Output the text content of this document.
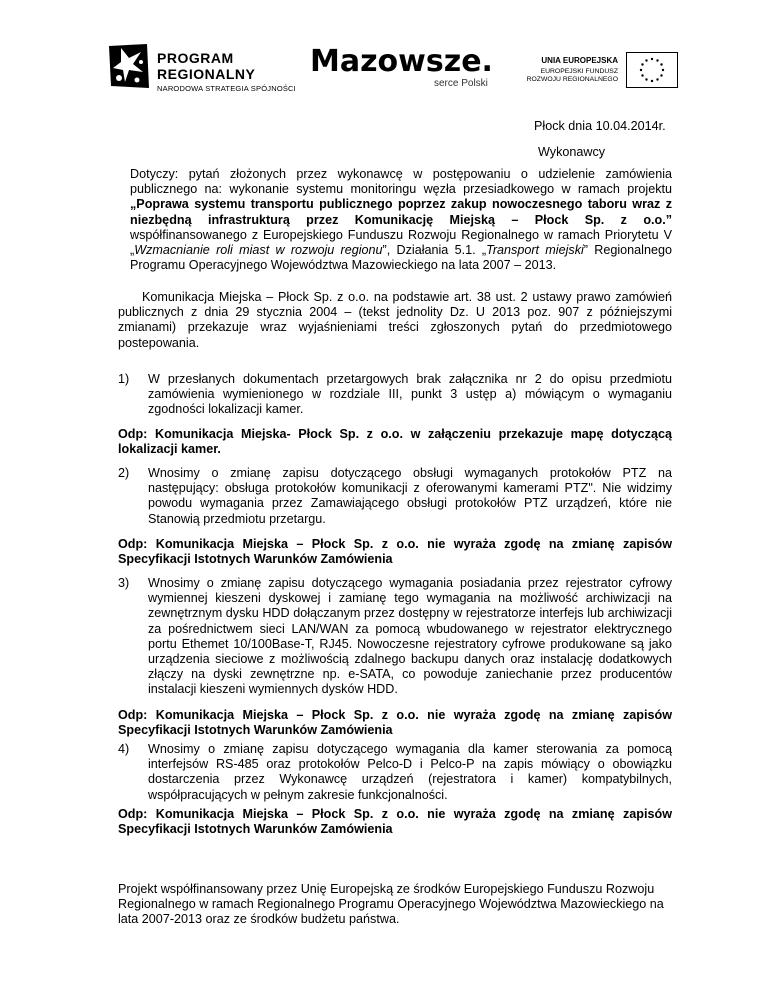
PROGRAM
REGIONALNY
NARODOWA STRATEGIA SPÓJNOŚCI
Mazowsze.
serce Polski
UNIA EUROPEJSKA
EUROPEJSKI FUNDUSZ
ROZWOJU REGIONALNEGO
Płock dnia 10.04.2014r.
Wykonawcy
Dotyczy: pytań złożonych przez wykonawcę w postępowaniu o udzielenie zamówienia publicznego na: wykonanie systemu monitoringu węzła przesiadkowego w ramach projektu „Poprawa systemu transportu publicznego poprzez zakup nowoczesnego taboru wraz z niezbędną infrastrukturą przez Komunikację Miejską – Płock Sp. z o.o.” współfinansowanego z Europejskiego Funduszu Rozwoju Regionalnego w ramach Priorytetu V „Wzmacnianie roli miast w rozwoju regionu”, Działania 5.1. „Transport miejski” Regionalnego Programu Operacyjnego Województwa Mazowieckiego na lata 2007 – 2013.
Komunikacja Miejska – Płock Sp. z o.o. na podstawie art. 38 ust. 2 ustawy prawo zamówień publicznych z dnia 29 stycznia 2004 – (tekst jednolity Dz. U 2013 poz. 907 z późniejszymi zmianami) przekazuje wraz wyjaśnieniami treści zgłoszonych pytań do przedmiotowego postepowania.
1) W przesłanych dokumentach przetargowych brak załącznika nr 2 do opisu przedmiotu zamówienia wymienionego w rozdziale III, punkt 3 ustęp a) mówiącym o wymaganiu zgodności lokalizacji kamer.
Odp: Komunikacja Miejska- Płock Sp. z o.o. w załączeniu przekazuje mapę dotyczącą lokalizacji kamer.
2) Wnosimy o zmianę zapisu dotyczącego obsługi wymaganych protokołów PTZ na następujący: obsługa protokołów komunikacji z oferowanymi kamerami PTZ". Nie widzimy powodu wymagania przez Zamawiającego obsługi protokołów PTZ urządzeń, które nie Stanowią przedmiotu przetargu.
Odp: Komunikacja Miejska – Płock Sp. z o.o. nie wyraża zgodę na zmianę zapisów Specyfikacji Istotnych Warunków Zamówienia
3) Wnosimy o zmianę zapisu dotyczącego wymagania posiadania przez rejestrator cyfrowy wymiennej kieszeni dyskowej i zamianę tego wymagania na możliwość archiwizacji na zewnętrznym dysku HDD dołączanym przez dostępny w rejestratorze interfejs lub archiwizacji za pośrednictwem sieci LAN/WAN za pomocą wbudowanego w rejestrator elektrycznego portu Ethemet 10/100Base-T, RJ45. Nowoczesne rejestratory cyfrowe produkowane są jako urządzenia sieciowe z możliwością zdalnego backupu danych oraz instalację dodatkowych złączy na dyski zewnętrzne np. e-SATA, co powoduje zaniechanie przez producentów instalacji kieszeni wymiennych dysków HDD.
Odp: Komunikacja Miejska – Płock Sp. z o.o. nie wyraża zgodę na zmianę zapisów Specyfikacji Istotnych Warunków Zamówienia
4) Wnosimy o zmianę zapisu dotyczącego wymagania dla kamer sterowania za pomocą interfejsów RS-485 oraz protokołów Pelco-D i Pelco-P na zapis mówiący o obowiązku dostarczenia przez Wykonawcę urządzeń (rejestratora i kamer) kompatybilnych, współpracujących w pełnym zakresie funkcjonalności.
Odp: Komunikacja Miejska – Płock Sp. z o.o. nie wyraża zgodę na zmianę zapisów Specyfikacji Istotnych Warunków Zamówienia
Projekt współfinansowany przez Unię Europejską ze środków Europejskiego Funduszu Rozwoju Regionalnego w ramach Regionalnego Programu Operacyjnego Województwa Mazowieckiego na lata 2007-2013 oraz ze środków budżetu państwa.
